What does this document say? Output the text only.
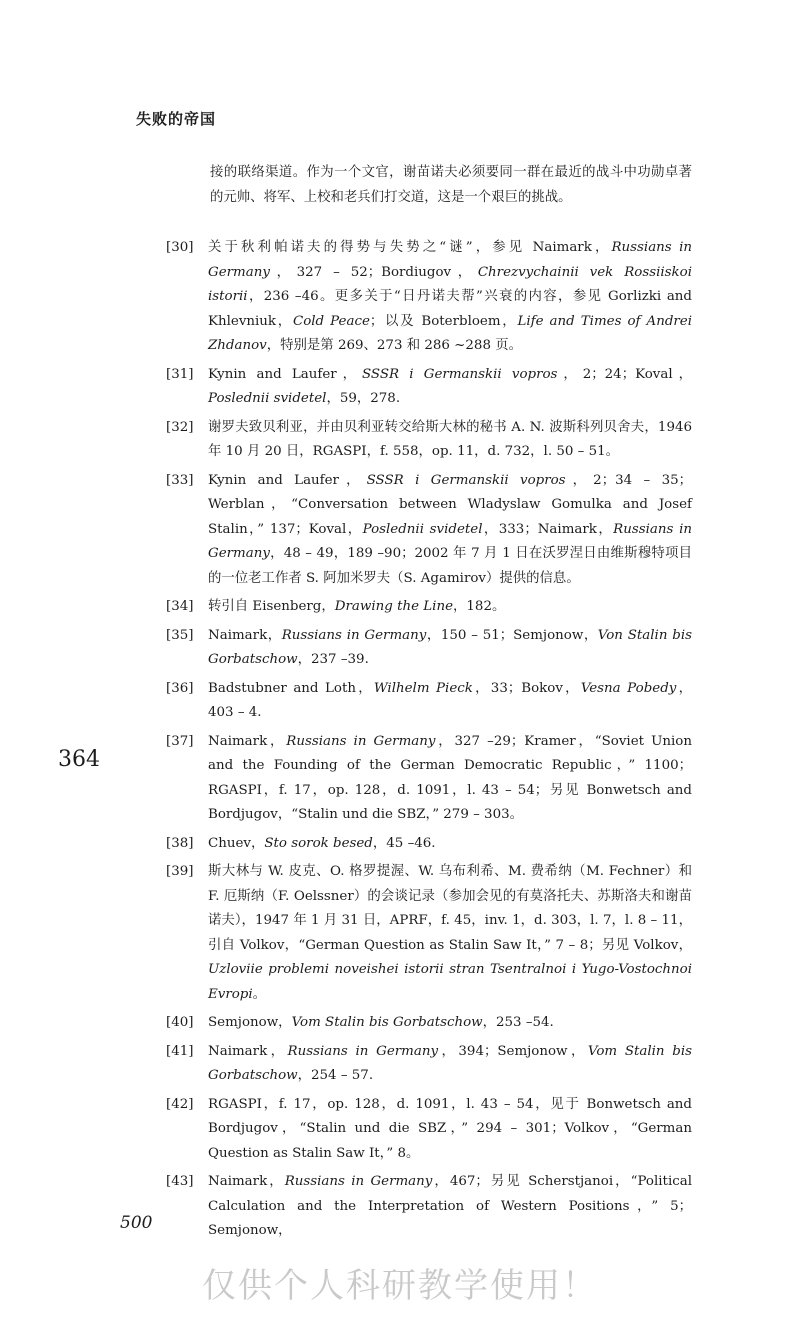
失败的帝国
接的联络渠道。作为一个文官，谢苗诺夫必须要同一群在最近的战斗中功勋卓著的元帅、将军、上校和老兵们打交道，这是一个艰巨的挑战。
[30]	关于秋利帕诺夫的得势与失势之“谜”，参见 Naimark，Russians in Germany，327 – 52；Bordiugov，Chrezvychainii vek Rossiiskoi istorii，236 –46。更多关于“日丹诺夫帮”兴衰的内容，参见 Gorlizki and Khlevniuk，Cold Peace；以及 Boterbloem，Life and Times of Andrei Zhdanov，特别是第 269、273 和 286 ~288 页。
[31]	Kynin and Laufer，SSSR i Germanskii vopros，2；24；Koval，Poslednii svidetel，59，278.
[32]	谢罗夫致贝利亚，并由贝利亚转交给斯大林的秘书 A. N. 波斯科列贝舍夫，1946 年 10 月 20 日，RGASPI，f. 558，op. 11，d. 732，l. 50 – 51。
[33]	Kynin and Laufer，SSSR i Germanskii vopros，2；34 – 35；Werblan，“Conversation between Wladyslaw Gomulka and Josef Stalin，” 137；Koval，Poslednii svidetel，333；Naimark，Russians in Germany，48 – 49，189 –90；2002 年 7 月 1 日在沃罗涅日由维斯穆特项目的一位老工作者 S. 阿加米罗夫（S. Agamirov）提供的信息。
[34]	转引自 Eisenberg，Drawing the Line，182。
[35]	Naimark，Russians in Germany，150 – 51；Semjonow，Von Stalin bis Gorbatschow，237 –39.
[36]	Badstubner and Loth，Wilhelm Pieck，33；Bokov，Vesna Pobedy，403 – 4.
[37]	Naimark，Russians in Germany，327 –29；Kramer，“Soviet Union and the Founding of the German Democratic Republic，” 1100；RGASPI，f. 17，op. 128，d. 1091，l. 43 – 54；另见 Bonwetsch and Bordjugov，“Stalin und die SBZ，” 279 – 303。
[38]	Chuev，Sto sorok besed，45 –46.
[39]	斯大林与 W. 皮克、O. 格罗提渥、W. 乌布利希、M. 费希纳（M. Fechner）和 F. 厄斯纳（F. Oelssner）的会谈记录（参加会见的有莫洛托夫、苏斯洛夫和谢苗诺夫），1947 年 1 月 31 日，APRF，f. 45，inv. 1，d. 303，l. 7，l. 8 – 11，引自 Volkov，“German Question as Stalin Saw It，” 7 – 8；另见 Volkov，Uzloviie problemi noveishei istorii stran Tsentralnoi i Yugo-Vostochnoi Evropi。
[40]	Semjonow，Vom Stalin bis Gorbatschow，253 –54.
[41]	Naimark，Russians in Germany，394；Semjonow，Vom Stalin bis Gorbatschow，254 – 57.
[42]	RGASPI，f. 17，op. 128，d. 1091，l. 43 – 54，见于 Bonwetsch and Bordjugov，“Stalin und die SBZ，” 294 – 301；Volkov，“German Question as Stalin Saw It，” 8。
[43]	Naimark，Russians in Germany，467；另见 Scherstjanoi，“Political Calculation and the Interpretation of Western Positions，” 5；Semjonow，
364
500
仅供个人科研教学使用！
